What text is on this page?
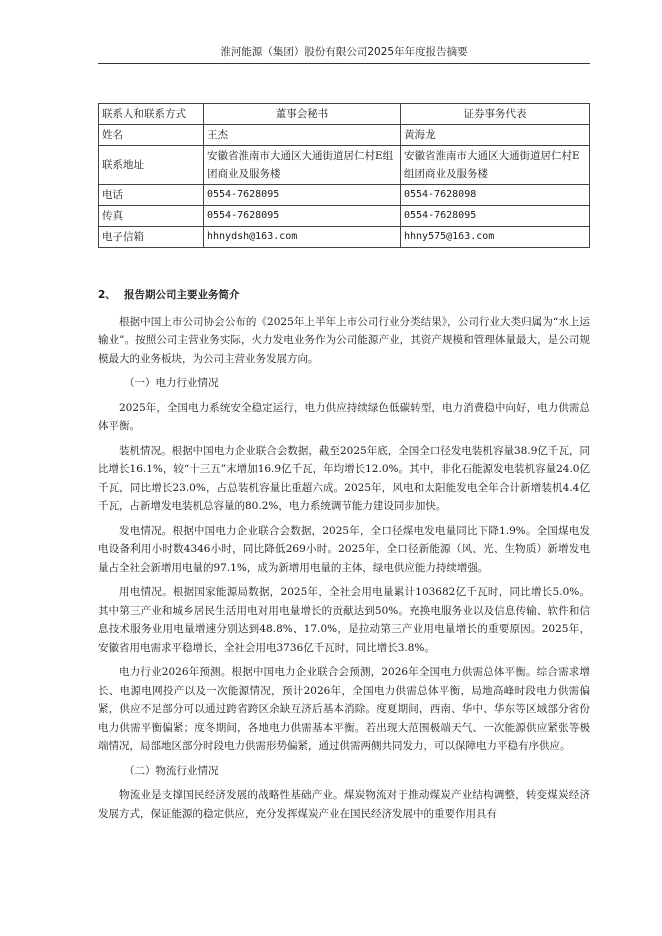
淮河能源（集团）股份有限公司2025年年度报告摘要
联系人和联系方式	董事会秘书	证券事务代表
姓名	王杰	黄海龙
联系地址	安徽省淮南市大通区大通街道居仁村E组团商业及服务楼	安徽省淮南市大通区大通街道居仁村E组团商业及服务楼
电话	0554-7628095	0554-7628098
传真	0554-7628095	0554-7628095
电子信箱	hhnydsh@163.com	hhny575@163.com
2、 报告期公司主要业务简介

根据中国上市公司协会公布的《2025年上半年上市公司行业分类结果》，公司行业大类归属为“水上运输业”。按照公司主营业务实际，火力发电业务作为公司能源产业，其资产规模和管理体量最大，是公司规模最大的业务板块，为公司主营业务发展方向。

（一）电力行业情况

2025年，全国电力系统安全稳定运行，电力供应持续绿色低碳转型，电力消费稳中向好，电力供需总体平衡。

装机情况。根据中国电力企业联合会数据，截至2025年底，全国全口径发电装机容量38.9亿千瓦，同比增长16.1%，较“十三五”末增加16.9亿千瓦，年均增长12.0%。其中，非化石能源发电装机容量24.0亿千瓦，同比增长23.0%，占总装机容量比重超六成。2025年，风电和太阳能发电全年合计新增装机4.4亿千瓦，占新增发电装机总容量的80.2%，电力系统调节能力建设同步加快。

发电情况。根据中国电力企业联合会数据，2025年，全口径煤电发电量同比下降1.9%。全国煤电发电设备利用小时数4346小时，同比降低269小时。2025年，全口径新能源（风、光、生物质）新增发电量占全社会新增用电量的97.1%，成为新增用电量的主体，绿电供应能力持续增强。

用电情况。根据国家能源局数据，2025年，全社会用电量累计103682亿千瓦时，同比增长5.0%。其中第三产业和城乡居民生活用电对用电量增长的贡献达到50%。充换电服务业以及信息传输、软件和信息技术服务业用电量增速分别达到48.8%、17.0%，是拉动第三产业用电量增长的重要原因。2025年，安徽省用电需求平稳增长，全社会用电3736亿千瓦时，同比增长3.8%。

电力行业2026年预测。根据中国电力企业联合会预测，2026年全国电力供需总体平衡。综合需求增长、电源电网投产以及一次能源情况，预计2026年，全国电力供需总体平衡，局地高峰时段电力供需偏紧，供应不足部分可以通过跨省跨区余缺互济后基本消除。度夏期间，西南、华中、华东等区域部分省份电力供需平衡偏紧；度冬期间，各地电力供需基本平衡。若出现大范围极端天气、一次能源供应紧张等极端情况，局部地区部分时段电力供需形势偏紧，通过供需两侧共同发力，可以保障电力平稳有序供应。

（二）物流行业情况

物流业是支撑国民经济发展的战略性基础产业。煤炭物流对于推动煤炭产业结构调整，转变煤炭经济发展方式，保证能源的稳定供应，充分发挥煤炭产业在国民经济发展中的重要作用具有
